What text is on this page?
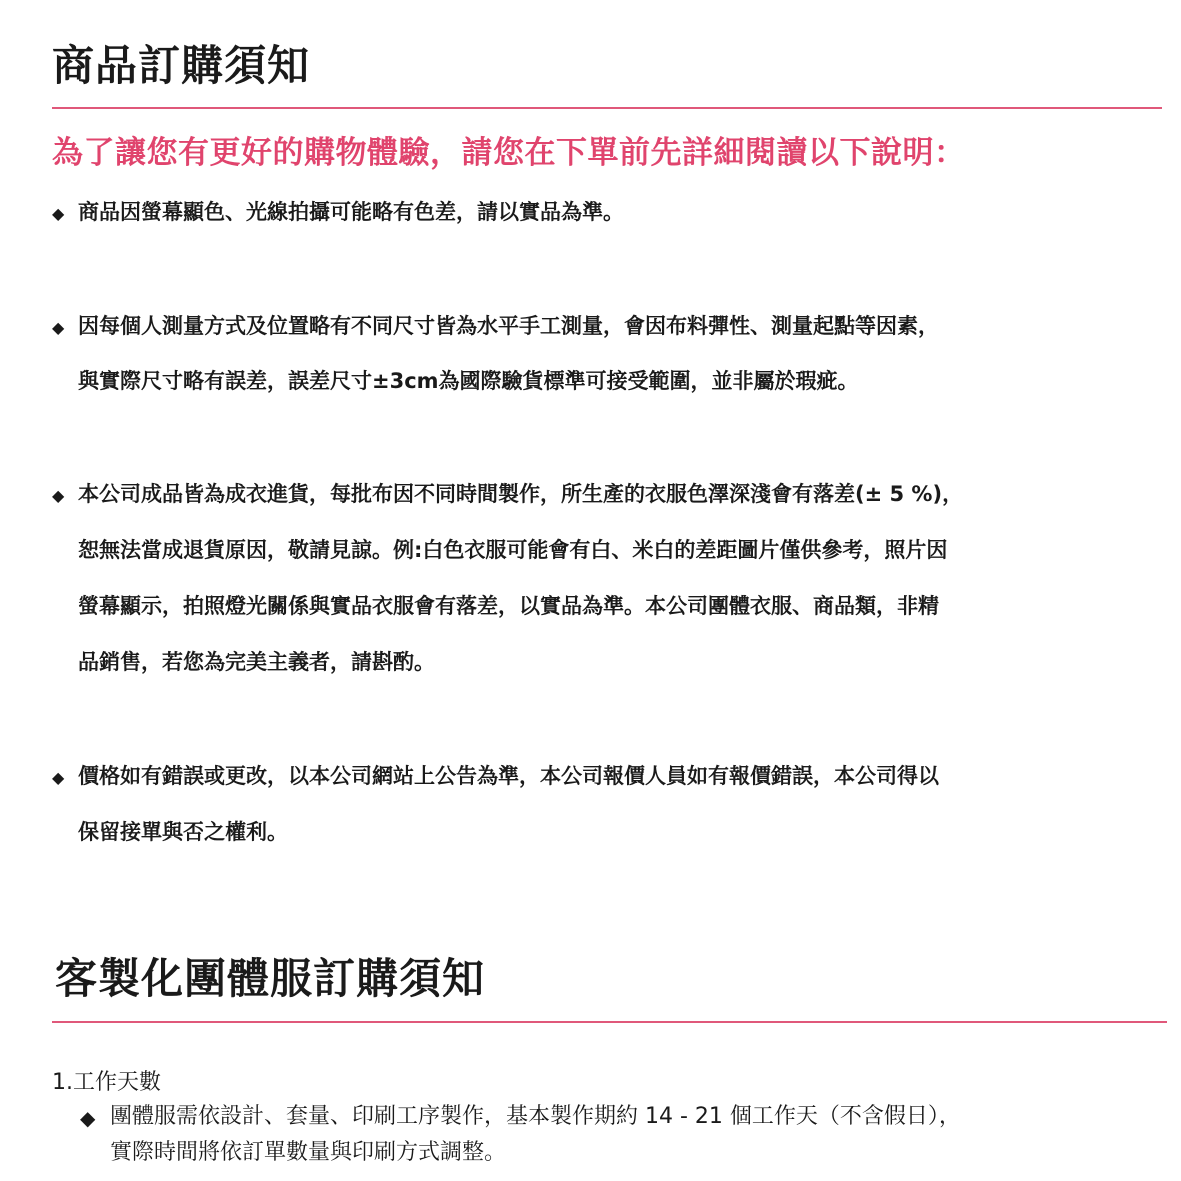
商品訂購須知
為了讓您有更好的購物體驗，請您在下單前先詳細閱讀以下說明：
◆ 商品因螢幕顯色、光線拍攝可能略有色差，請以實品為準。
◆ 因每個人測量方式及位置略有不同尺寸皆為水平手工測量，會因布料彈性、測量起點等因素，
與實際尺寸略有誤差，誤差尺寸±3cm為國際驗貨標準可接受範圍，並非屬於瑕疵。
◆ 本公司成品皆為成衣進貨，每批布因不同時間製作，所生產的衣服色澤深淺會有落差(± 5 %)，
恕無法當成退貨原因，敬請見諒。例:白色衣服可能會有白、米白的差距圖片僅供參考，照片因
螢幕顯示，拍照燈光關係與實品衣服會有落差，以實品為準。本公司團體衣服、商品類，非精
品銷售，若您為完美主義者，請斟酌。
◆ 價格如有錯誤或更改，以本公司網站上公告為準，本公司報價人員如有報價錯誤，本公司得以
保留接單與否之權利。
客製化團體服訂購須知
1.工作天數
◆ 團體服需依設計、套量、印刷工序製作，基本製作期約 14 - 21 個工作天（不含假日），
實際時間將依訂單數量與印刷方式調整。
